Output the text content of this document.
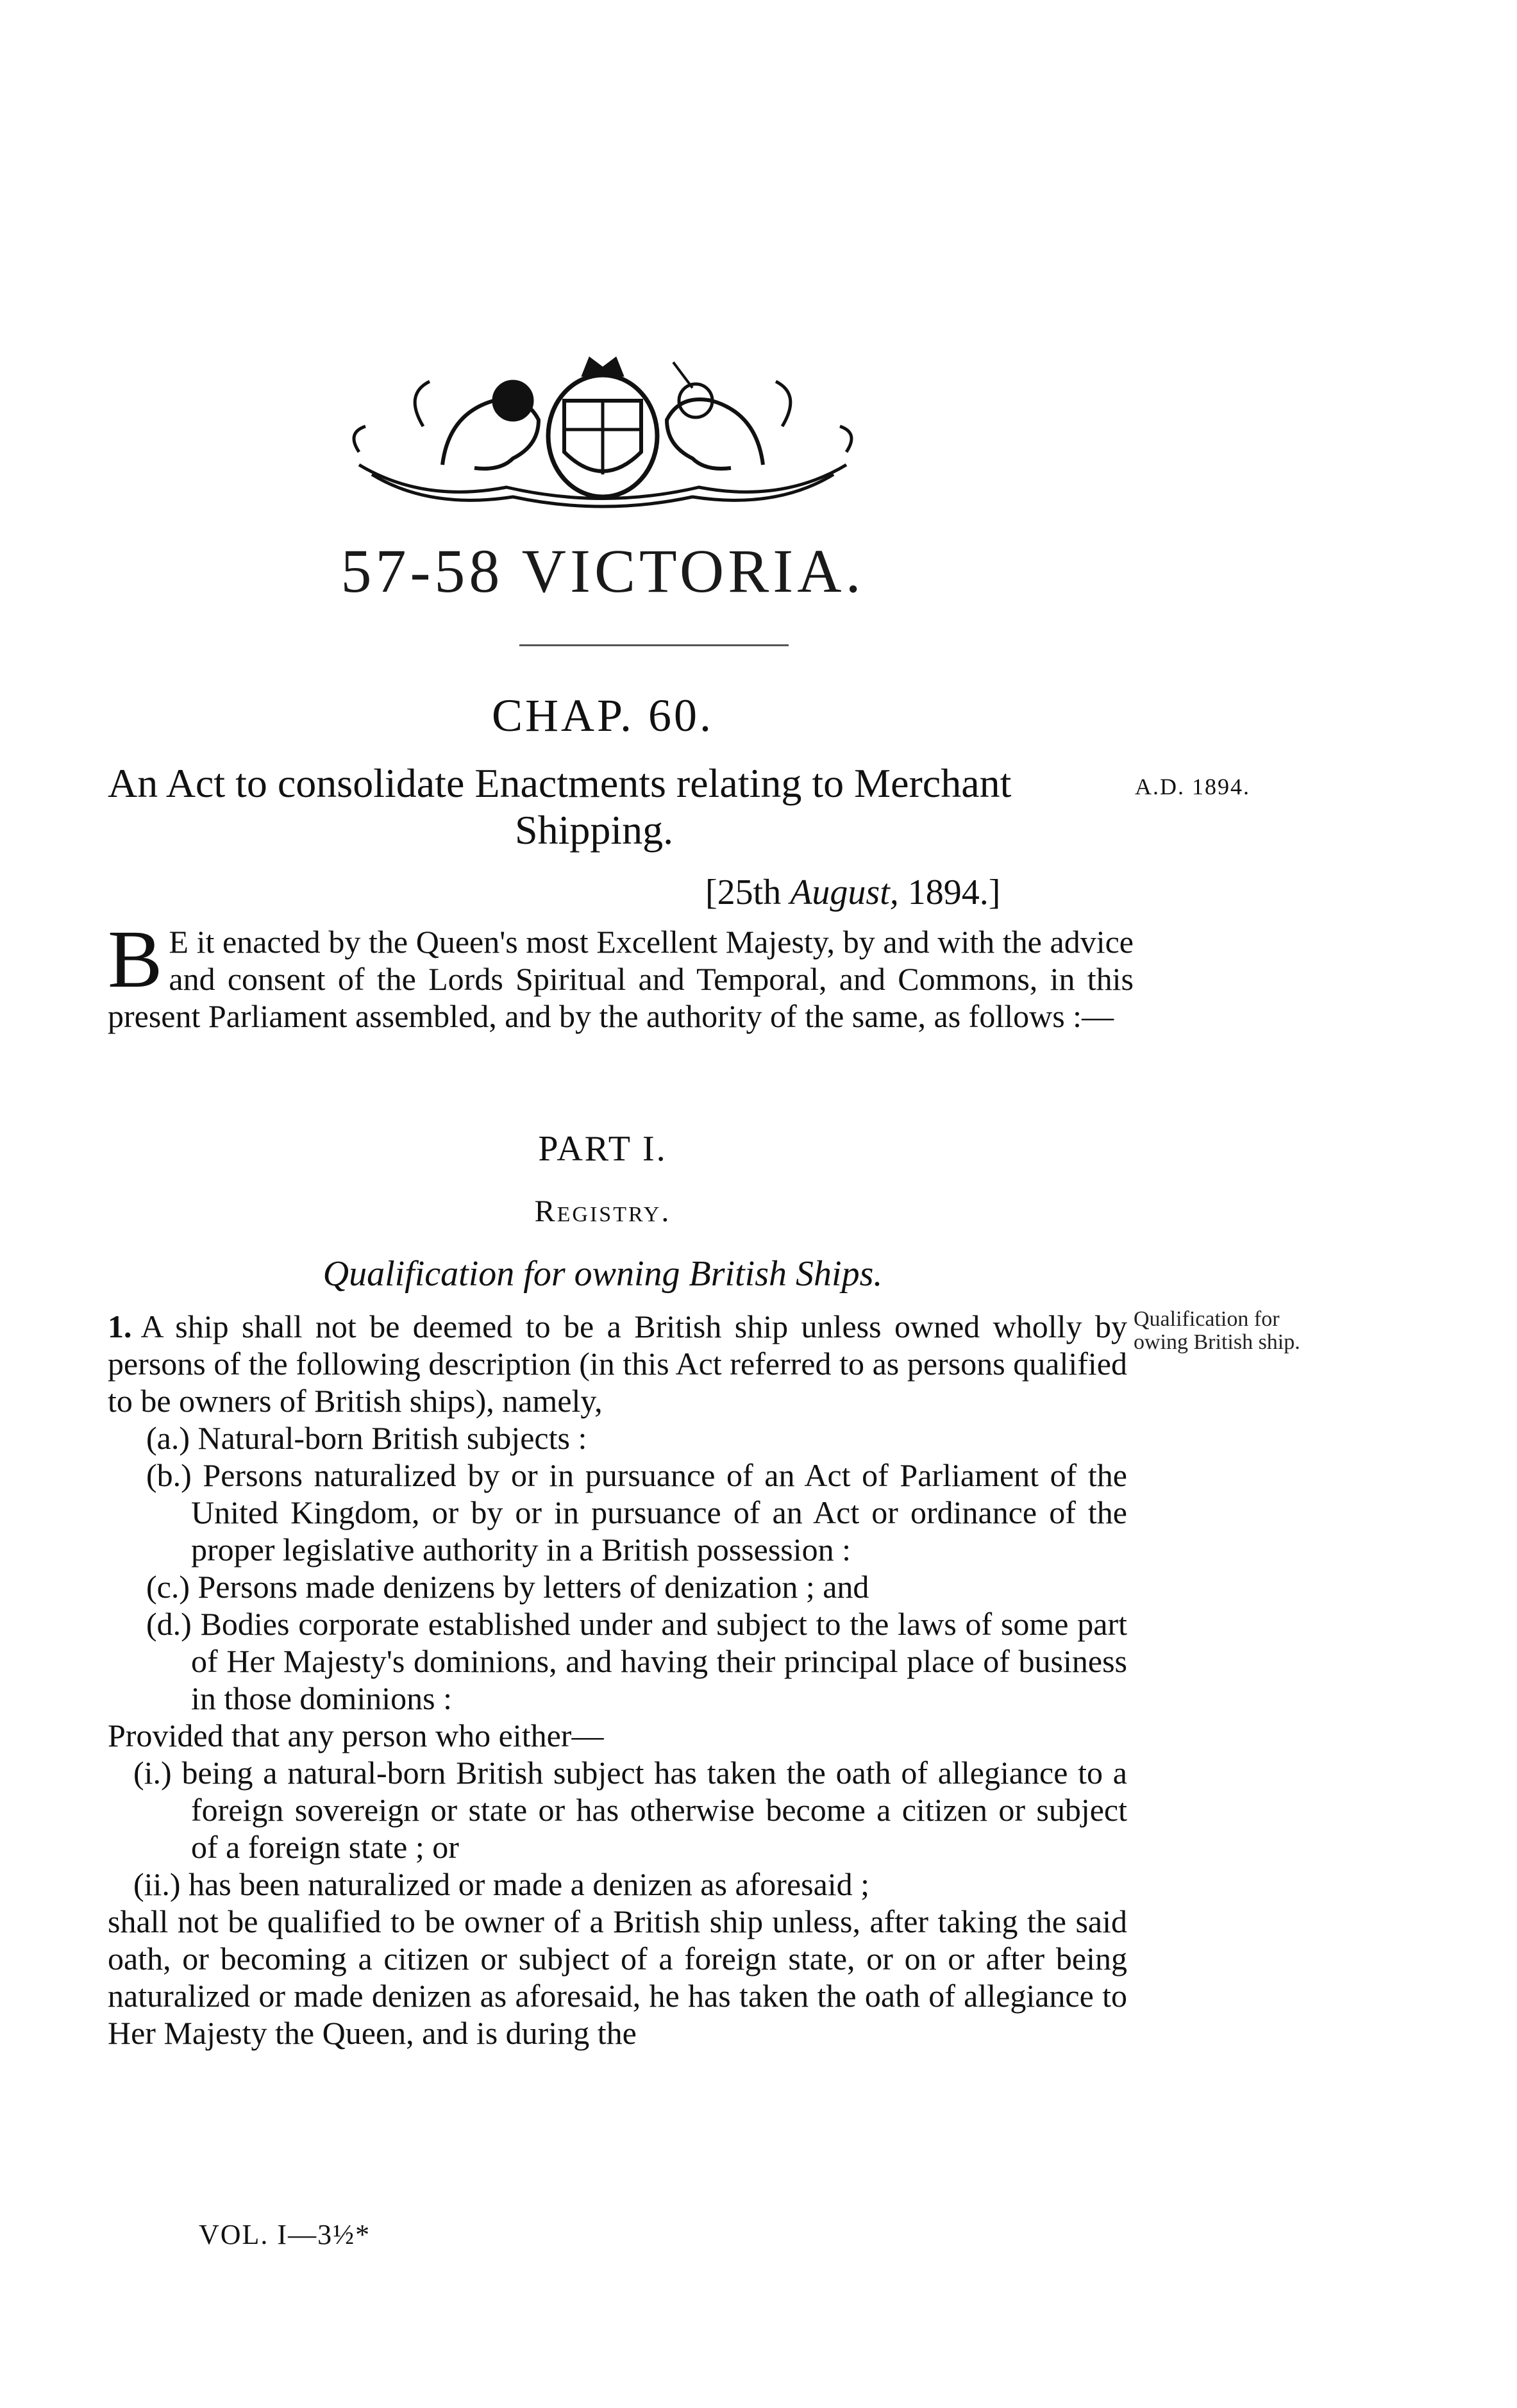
57-58 VICTORIA.
CHAP. 60.
An Act to consolidate Enactments relating to Merchant
Shipping.
A.D. 1894.
[25th August, 1894.]
B E it enacted by the Queen's most Excellent Majesty, by and with the advice and consent of the Lords Spiritual and Temporal, and Commons, in this present Parliament assembled, and by the authority of the same, as follows :—
PART I.
Registry.
Qualification for owning British Ships.
Qualification for owing British ship.

1. A ship shall not be deemed to be a British ship unless owned wholly by persons of the following description (in this Act referred to as persons qualified to be owners of British ships), namely,

(a.) Natural-born British subjects :

(b.) Persons naturalized by or in pursuance of an Act of Parliament of the United Kingdom, or by or in pursuance of an Act or ordinance of the proper legislative authority in a British possession :

(c.) Persons made denizens by letters of denization ; and

(d.) Bodies corporate established under and subject to the laws of some part of Her Majesty's dominions, and having their principal place of business in those dominions :

Provided that any person who either—

(i.) being a natural-born British subject has taken the oath of allegiance to a foreign sovereign or state or has otherwise become a citizen or subject of a foreign state ; or

(ii.) has been naturalized or made a denizen as aforesaid ;

shall not be qualified to be owner of a British ship unless, after taking the said oath, or becoming a citizen or subject of a foreign state, or on or after being naturalized or made denizen as aforesaid, he has taken the oath of allegiance to Her Majesty the Queen, and is during the

VOL. I—3½*
